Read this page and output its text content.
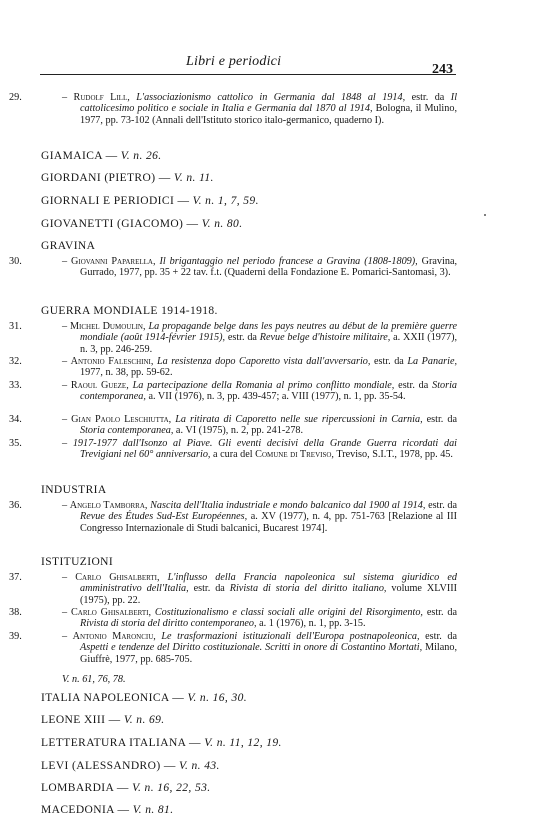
Libri e periodici
243
29.	– Rudolf Lill, L'associazionismo cattolico in Germania dal 1848 al 1914, estr. da Il cattolicesimo politico e sociale in Italia e Germania dal 1870 al 1914, Bologna, il Mulino, 1977, pp. 73-102 (Annali dell'Istituto storico italo-germanico, quaderno I).
GIAMAICA — V. n. 26.
GIORDANI (PIETRO) — V. n. 11.
GIORNALI E PERIODICI — V. n. 1, 7, 59.
GIOVANETTI (GIACOMO) — V. n. 80.
GRAVINA
30.	– Giovanni Paparella, Il brigantaggio nel periodo francese a Gravina (1808-1809), Gravina, Gurrado, 1977, pp. 35 + 22 tav. f.t. (Quaderni della Fondazione E. Pomarici-Santomasi, 3).
GUERRA MONDIALE 1914-1918.
31.	– Michel Dumoulin, La propagande belge dans les pays neutres au début de la première guerre mondiale (août 1914-février 1915), estr. da Revue belge d'histoire militaire, a. XXII (1977), n. 3, pp. 246-259.
32.	– Antonio Faleschini, La resistenza dopo Caporetto vista dall'avversario, estr. da La Panarie, 1977, n. 38, pp. 59-62.
33.	– Raoul Gueze, La partecipazione della Romania al primo conflitto mondiale, estr. da Storia contemporanea, a. VII (1976), n. 3, pp. 439-457; a. VIII (1977), n. 1, pp. 35-54.
34.	– Gian Paolo Leschiutta, La ritirata di Caporetto nelle sue ripercussioni in Carnia, estr. da Storia contemporanea, a. VI (1975), n. 2, pp. 241-278.
35.	– 1917-1977 dall'Isonzo al Piave. Gli eventi decisivi della Grande Guerra ricordati dai Trevigiani nel 60° anniversario, a cura del Comune di Treviso, Treviso, S.I.T., 1978, pp. 45.
INDUSTRIA
36.	– Angelo Tamborra, Nascita dell'Italia industriale e mondo balcanico dal 1900 al 1914, estr. da Revue des Études Sud-Est Européennes, a. XV (1977), n. 4, pp. 751-763 [Relazione al III Congresso Internazionale di Studi balcanici, Bucarest 1974].
ISTITUZIONI
37.	– Carlo Ghisalberti, L'influsso della Francia napoleonica sul sistema giuridico ed amministrativo dell'Italia, estr. da Rivista di storia del diritto italiano, volume XLVIII (1975), pp. 22.
38.	– Carlo Ghisalberti, Costituzionalismo e classi sociali alle origini del Risorgimento, estr. da Rivista di storia del diritto contemporaneo, a. 1 (1976), n. 1, pp. 3-15.
39.	– Antonio Maronciu, Le trasformazioni istituzionali dell'Europa postnapoleonica, estr. da Aspetti e tendenze del Diritto costituzionale. Scritti in onore di Costantino Mortati, Milano, Giuffrè, 1977, pp. 685-705.
V. n. 61, 76, 78.
ITALIA NAPOLEONICA — V. n. 16, 30.
LEONE XIII — V. n. 69.
LETTERATURA ITALIANA — V. n. 11, 12, 19.
LEVI (ALESSANDRO) — V. n. 43.
LOMBARDIA — V. n. 16, 22, 53.
MACEDONIA — V. n. 81.
